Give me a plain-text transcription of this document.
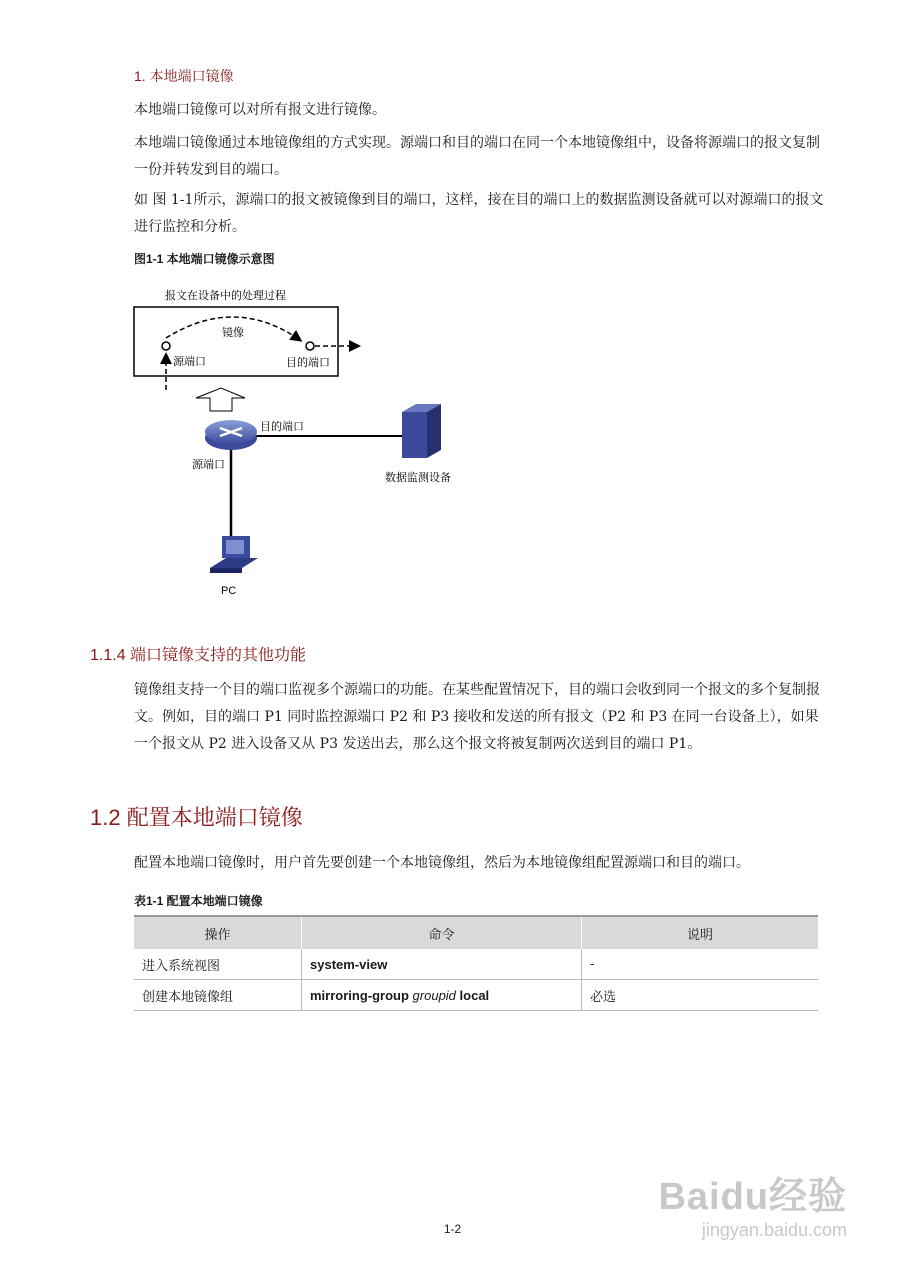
1. 本地端口镜像
本地端口镜像可以对所有报文进行镜像。
本地端口镜像通过本地镜像组的方式实现。源端口和目的端口在同一个本地镜像组中，设备将源端口的报文复制一份并转发到目的端口。
如 图 1-1所示，源端口的报文被镜像到目的端口，这样，接在目的端口上的数据监测设备就可以对源端口的报文进行监控和分析。
图1-1 本地端口镜像示意图
报文在设备中的处理过程
镜像
源端口	目的端口
目的端口
源端口
数据监测设备
PC
1.1.4 端口镜像支持的其他功能
镜像组支持一个目的端口监视多个源端口的功能。在某些配置情况下，目的端口会收到同一个报文的多个复制报文。例如，目的端口 P1 同时监控源端口 P2 和 P3 接收和发送的所有报文（P2 和 P3 在同一台设备上），如果一个报文从 P2 进入设备又从 P3 发送出去，那么这个报文将被复制两次送到目的端口 P1。
1.2 配置本地端口镜像
配置本地端口镜像时，用户首先要创建一个本地镜像组，然后为本地镜像组配置源端口和目的端口。
表1-1 配置本地端口镜像
操作	命令	说明
进入系统视图	system-view	-
创建本地镜像组	mirroring-group groupid local	必选
Baidu经验
jingyan.baidu.com
1-2
